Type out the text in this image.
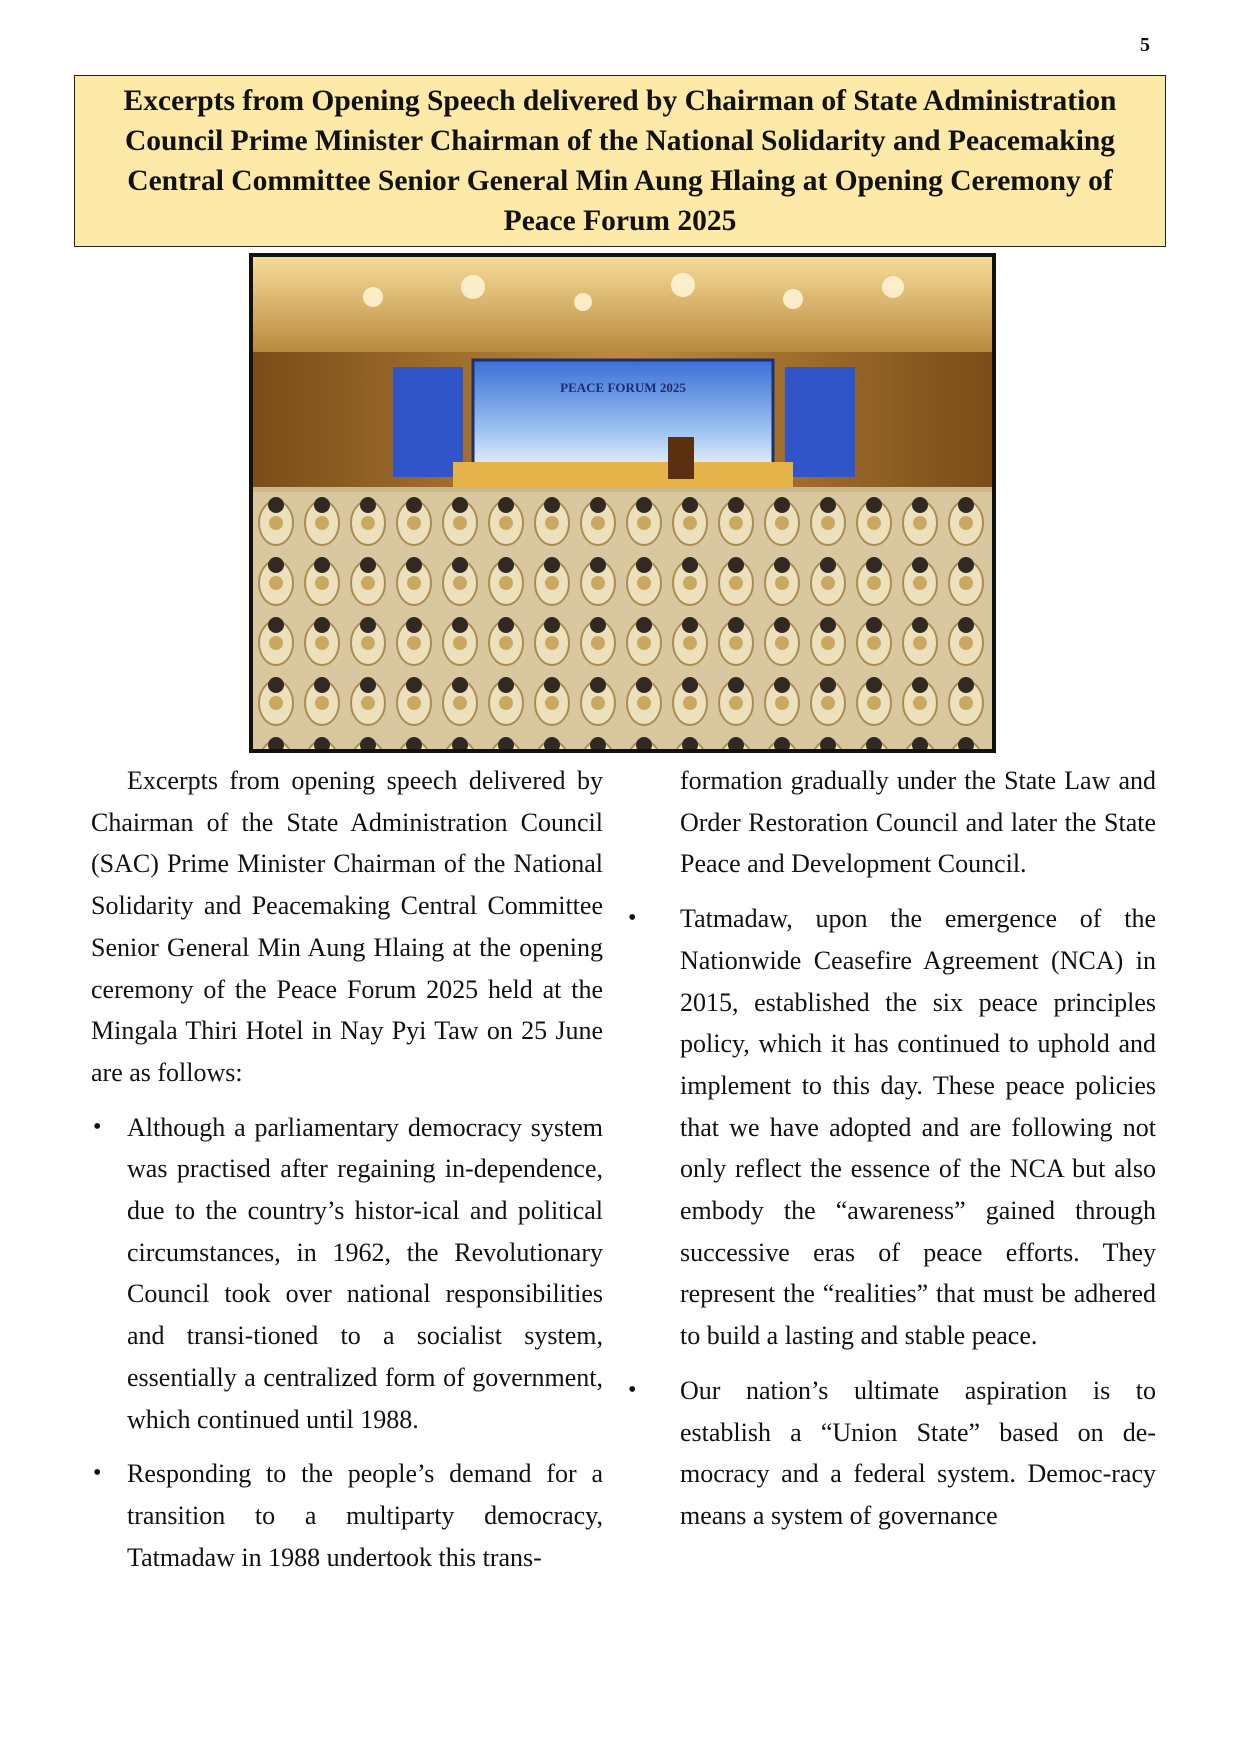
5
Excerpts from Opening Speech delivered by Chairman of State Administration Council Prime Minister Chairman of the National Solidarity and Peacemaking Central Committee Senior General Min Aung Hlaing at Opening Ceremony of Peace Forum 2025
PEACE FORUM 2025

Excerpts from opening speech delivered by Chairman of the State Administration Council (SAC) Prime Minister Chairman of the National Solidarity and Peacemaking Central Committee Senior General Min Aung Hlaing at the opening ceremony of the Peace Forum 2025 held at the Mingala Thiri Hotel in Nay Pyi Taw on 25 June are as follows:

• Although a parliamentary democracy system was practised after regaining in-dependence, due to the country’s histor-ical and political circumstances, in 1962, the Revolutionary Council took over national responsibilities and transi-tioned to a socialist system, essentially a centralized form of government, which continued until 1988.
• Responding to the people’s demand for a transition to a multiparty democracy, Tatmadaw in 1988 undertook this trans-

formation gradually under the State Law and Order Restoration Council and later the State Peace and Development Council.

• Tatmadaw, upon the emergence of the Nationwide Ceasefire Agreement (NCA) in 2015, established the six peace principles policy, which it has continued to uphold and implement to this day. These peace policies that we have adopted and are following not only reflect the essence of the NCA but also embody the “awareness” gained through successive eras of peace efforts. They represent the “realities” that must be adhered to build a lasting and stable peace.
• Our nation’s ultimate aspiration is to establish a “Union State” based on de-mocracy and a federal system. Democ-racy means a system of governance
